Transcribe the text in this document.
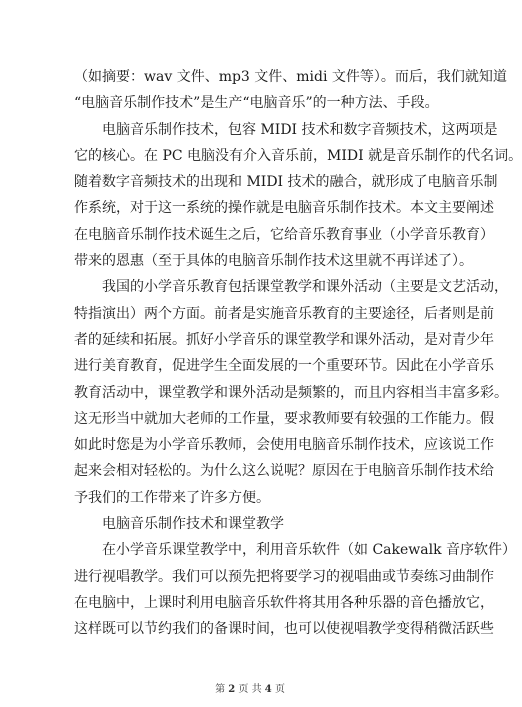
（如摘要：wav 文件、mp3 文件、midi 文件等）。而后，我们就知道
“电脑音乐制作技术”是生产“电脑音乐”的一种方法、手段。
电脑音乐制作技术，包容 MIDI 技术和数字音频技术，这两项是
它的核心。在 PC 电脑没有介入音乐前，MIDI 就是音乐制作的代名词。
随着数字音频技术的出现和 MIDI 技术的融合，就形成了电脑音乐制
作系统，对于这一系统的操作就是电脑音乐制作技术。本文主要阐述
在电脑音乐制作技术诞生之后，它给音乐教育事业（小学音乐教育）
带来的恩惠（至于具体的电脑音乐制作技术这里就不再详述了）。
我国的小学音乐教育包括课堂教学和课外活动（主要是文艺活动，
特指演出）两个方面。前者是实施音乐教育的主要途径，后者则是前
者的延续和拓展。抓好小学音乐的课堂教学和课外活动，是对青少年
进行美育教育，促进学生全面发展的一个重要环节。因此在小学音乐
教育活动中，课堂教学和课外活动是频繁的，而且内容相当丰富多彩。
这无形当中就加大老师的工作量，要求教师要有较强的工作能力。假
如此时您是为小学音乐教师，会使用电脑音乐制作技术，应该说工作
起来会相对轻松的。为什么这么说呢？原因在于电脑音乐制作技术给
予我们的工作带来了许多方便。
电脑音乐制作技术和课堂教学
在小学音乐课堂教学中，利用音乐软件（如 Cakewalk 音序软件）
进行视唱教学。我们可以预先把将要学习的视唱曲或节奏练习曲制作
在电脑中，上课时利用电脑音乐软件将其用各种乐器的音色播放它，
这样既可以节约我们的备课时间，也可以使视唱教学变得稍微活跃些
第 2 页 共 4 页
